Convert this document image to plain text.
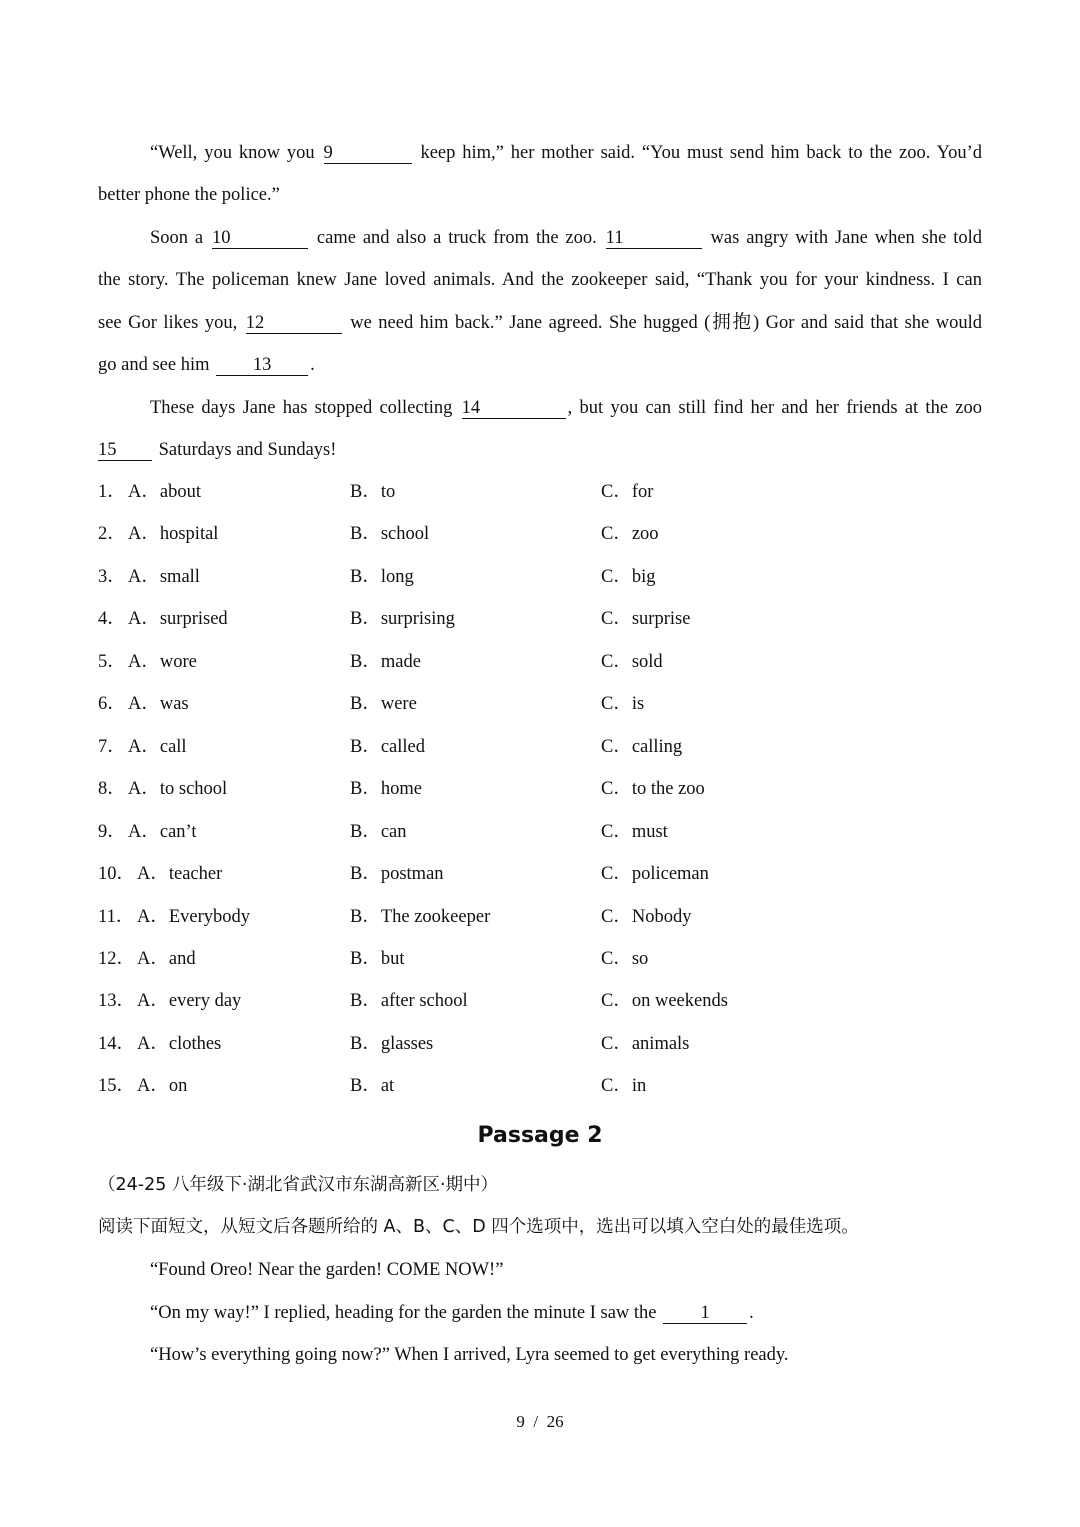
“Well, you know you 9	keep him,” her mother said. “You must send him back to the zoo. You’d
better phone the police.”
Soon a 10	came and also a truck from the zoo. 11	was angry with Jane when she told
the story. The policeman knew Jane loved animals. And the zookeeper said, “Thank you for your kindness. I can
see Gor likes you, 12	we need him back.” Jane agreed. She hugged (拥抱) Gor and said that she would
go and see him 13 .
These days Jane has stopped collecting 14	, but you can still find her and her friends at the zoo
15 Saturdays and Sundays!
1． A．about	B．to	C．for
2． A．hospital	B．school	C．zoo
3． A．small	B．long	C．big
4． A．surprised	B．surprising	C．surprise
5． A．wore	B．made	C．sold
6． A．was	B．were	C．is
7． A．call	B．called	C．calling
8． A．to school	B．home	C．to the zoo
9． A．can’t	B．can	C．must
10． A．teacher	B．postman	C．policeman
11． A．Everybody	B．The zookeeper	C．Nobody
12． A．and	B．but	C．so
13． A．every day	B．after school	C．on weekends
14． A．clothes	B．glasses	C．animals
15． A．on	B．at	C．in
Passage 2
（24-25 八年级下·湖北省武汉市东湖高新区·期中）
阅读下面短文，从短文后各题所给的 A、B、C、D 四个选项中，选出可以填入空白处的最佳选项。
“Found Oreo! Near the garden! COME NOW!”
“On my way!” I replied, heading for the garden the minute I saw the 1 .
“How’s everything going now?” When I arrived, Lyra seemed to get everything ready.
9 / 26
